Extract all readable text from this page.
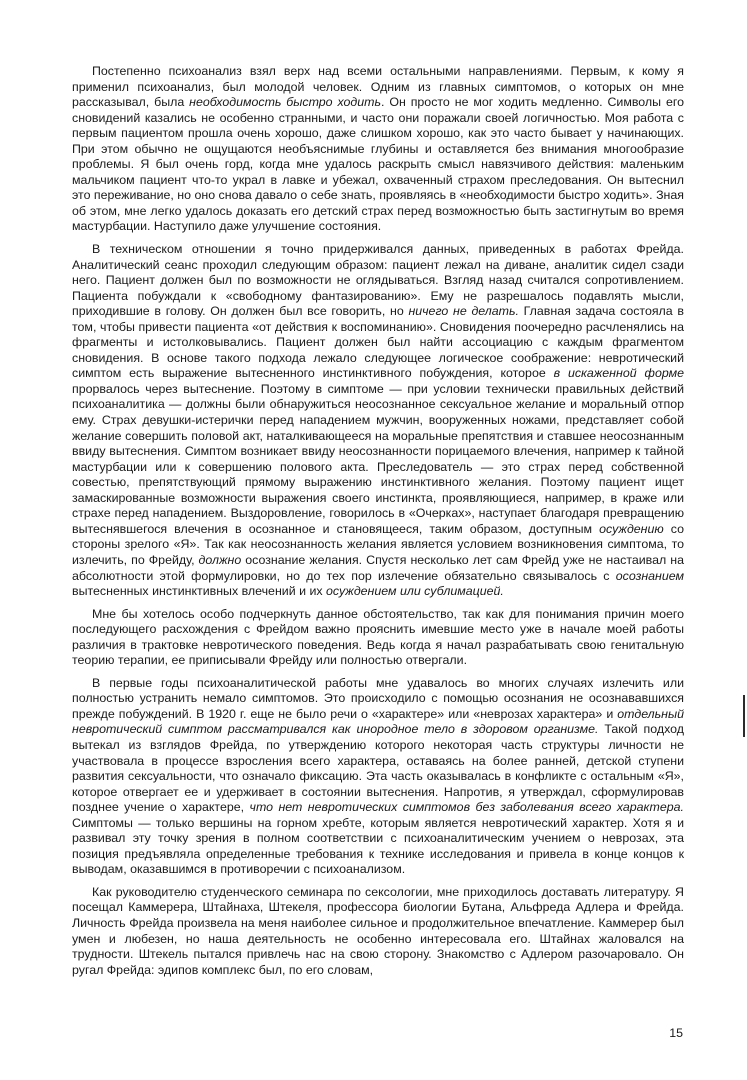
Постепенно психоанализ взял верх над всеми остальными направлениями. Первым, к кому я применил психоанализ, был молодой человек. Одним из главных симптомов, о которых он мне рассказывал, была необходимость быстро ходить. Он просто не мог ходить медленно. Символы его сновидений казались не особенно странными, и часто они поражали своей логичностью. Моя работа с первым пациентом прошла очень хорошо, даже слишком хорошо, как это часто бывает у начинающих. При этом обычно не ощущаются необъяснимые глубины и оставляется без внимания многообразие проблемы. Я был очень горд, когда мне удалось раскрыть смысл навязчивого действия: маленьким мальчиком пациент что-то украл в лавке и убежал, охваченный страхом преследования. Он вытеснил это переживание, но оно снова давало о себе знать, проявляясь в «необходимости быстро ходить». Зная об этом, мне легко удалось доказать его детский страх перед возможностью быть застигнутым во время мастурбации. Наступило даже улучшение состояния.

В техническом отношении я точно придерживался данных, приведенных в работах Фрейда. Аналитический сеанс проходил следующим образом: пациент лежал на диване, аналитик сидел сзади него. Пациент должен был по возможности не оглядываться. Взгляд назад считался сопротивлением. Пациента побуждали к «свободному фантазированию». Ему не разрешалось подавлять мысли, приходившие в голову. Он должен был все говорить, но ничего не делать. Главная задача состояла в том, чтобы привести пациента «от действия к воспоминанию». Сновидения поочередно расчленялись на фрагменты и истолковывались. Пациент должен был найти ассоциацию с каждым фрагментом сновидения. В основе такого подхода лежало следующее логическое соображение: невротический симптом есть выражение вытесненного инстинктивного побуждения, которое в искаженной форме прорвалось через вытеснение. Поэтому в симптоме — при условии технически правильных действий психоаналитика — должны были обнаружиться неосознанное сексуальное желание и моральный отпор ему. Страх девушки-истерички перед нападением мужчин, вооруженных ножами, представляет собой желание совершить половой акт, наталкивающееся на моральные препятствия и ставшее неосознанным ввиду вытеснения. Симптом возникает ввиду неосознанности порицаемого влечения, например к тайной мастурбации или к совершению полового акта. Преследователь — это страх перед собственной совестью, препятствующий прямому выражению инстинктивного желания. Поэтому пациент ищет замаскированные возможности выражения своего инстинкта, проявляющиеся, например, в краже или страхе перед нападением. Выздоровление, говорилось в «Очерках», наступает благодаря превращению вытеснявшегося влечения в осознанное и становящееся, таким образом, доступным осуждению со стороны зрелого «Я». Так как неосознанность желания является условием возникновения симптома, то излечить, по Фрейду, должно осознание желания. Спустя несколько лет сам Фрейд уже не настаивал на абсолютности этой формулировки, но до тех пор излечение обязательно связывалось с осознанием вытесненных инстинктивных влечений и их осуждением или сублимацией.

Мне бы хотелось особо подчеркнуть данное обстоятельство, так как для понимания причин моего последующего расхождения с Фрейдом важно прояснить имевшие место уже в начале моей работы различия в трактовке невротического поведения. Ведь когда я начал разрабатывать свою генитальную теорию терапии, ее приписывали Фрейду или полностью отвергали.

В первые годы психоаналитической работы мне удавалось во многих случаях излечить или полностью устранить немало симптомов. Это происходило с помощью осознания не осознававшихся прежде побуждений. В 1920 г. еще не было речи о «характере» или «неврозах характера» и отдельный невротический симптом рассматривался как инородное тело в здоровом организме. Такой подход вытекал из взглядов Фрейда, по утверждению которого некоторая часть структуры личности не участвовала в процессе взросления всего характера, оставаясь на более ранней, детской ступени развития сексуальности, что означало фиксацию. Эта часть оказывалась в конфликте с остальным «Я», которое отвергает ее и удерживает в состоянии вытеснения. Напротив, я утверждал, сформулировав позднее учение о характере, что нет невротических симптомов без заболевания всего характера. Симптомы — только вершины на горном хребте, которым является невротический характер. Хотя я и развивал эту точку зрения в полном соответствии с психоаналитическим учением о неврозах, эта позиция предъявляла определенные требования к технике исследования и привела в конце концов к выводам, оказавшимся в противоречии с психоанализом.

Как руководителю студенческого семинара по сексологии, мне приходилось доставать литературу. Я посещал Каммерера, Штайнаха, Штекеля, профессора биологии Бутана, Альфреда Адлера и Фрейда. Личность Фрейда произвела на меня наиболее сильное и продолжительное впечатление. Каммерер был умен и любезен, но наша деятельность не особенно интересовала его. Штайнах жаловался на трудности. Штекель пытался привлечь нас на свою сторону. Знакомство с Адлером разочаровало. Он ругал Фрейда: эдипов комплекс был, по его словам,

15
